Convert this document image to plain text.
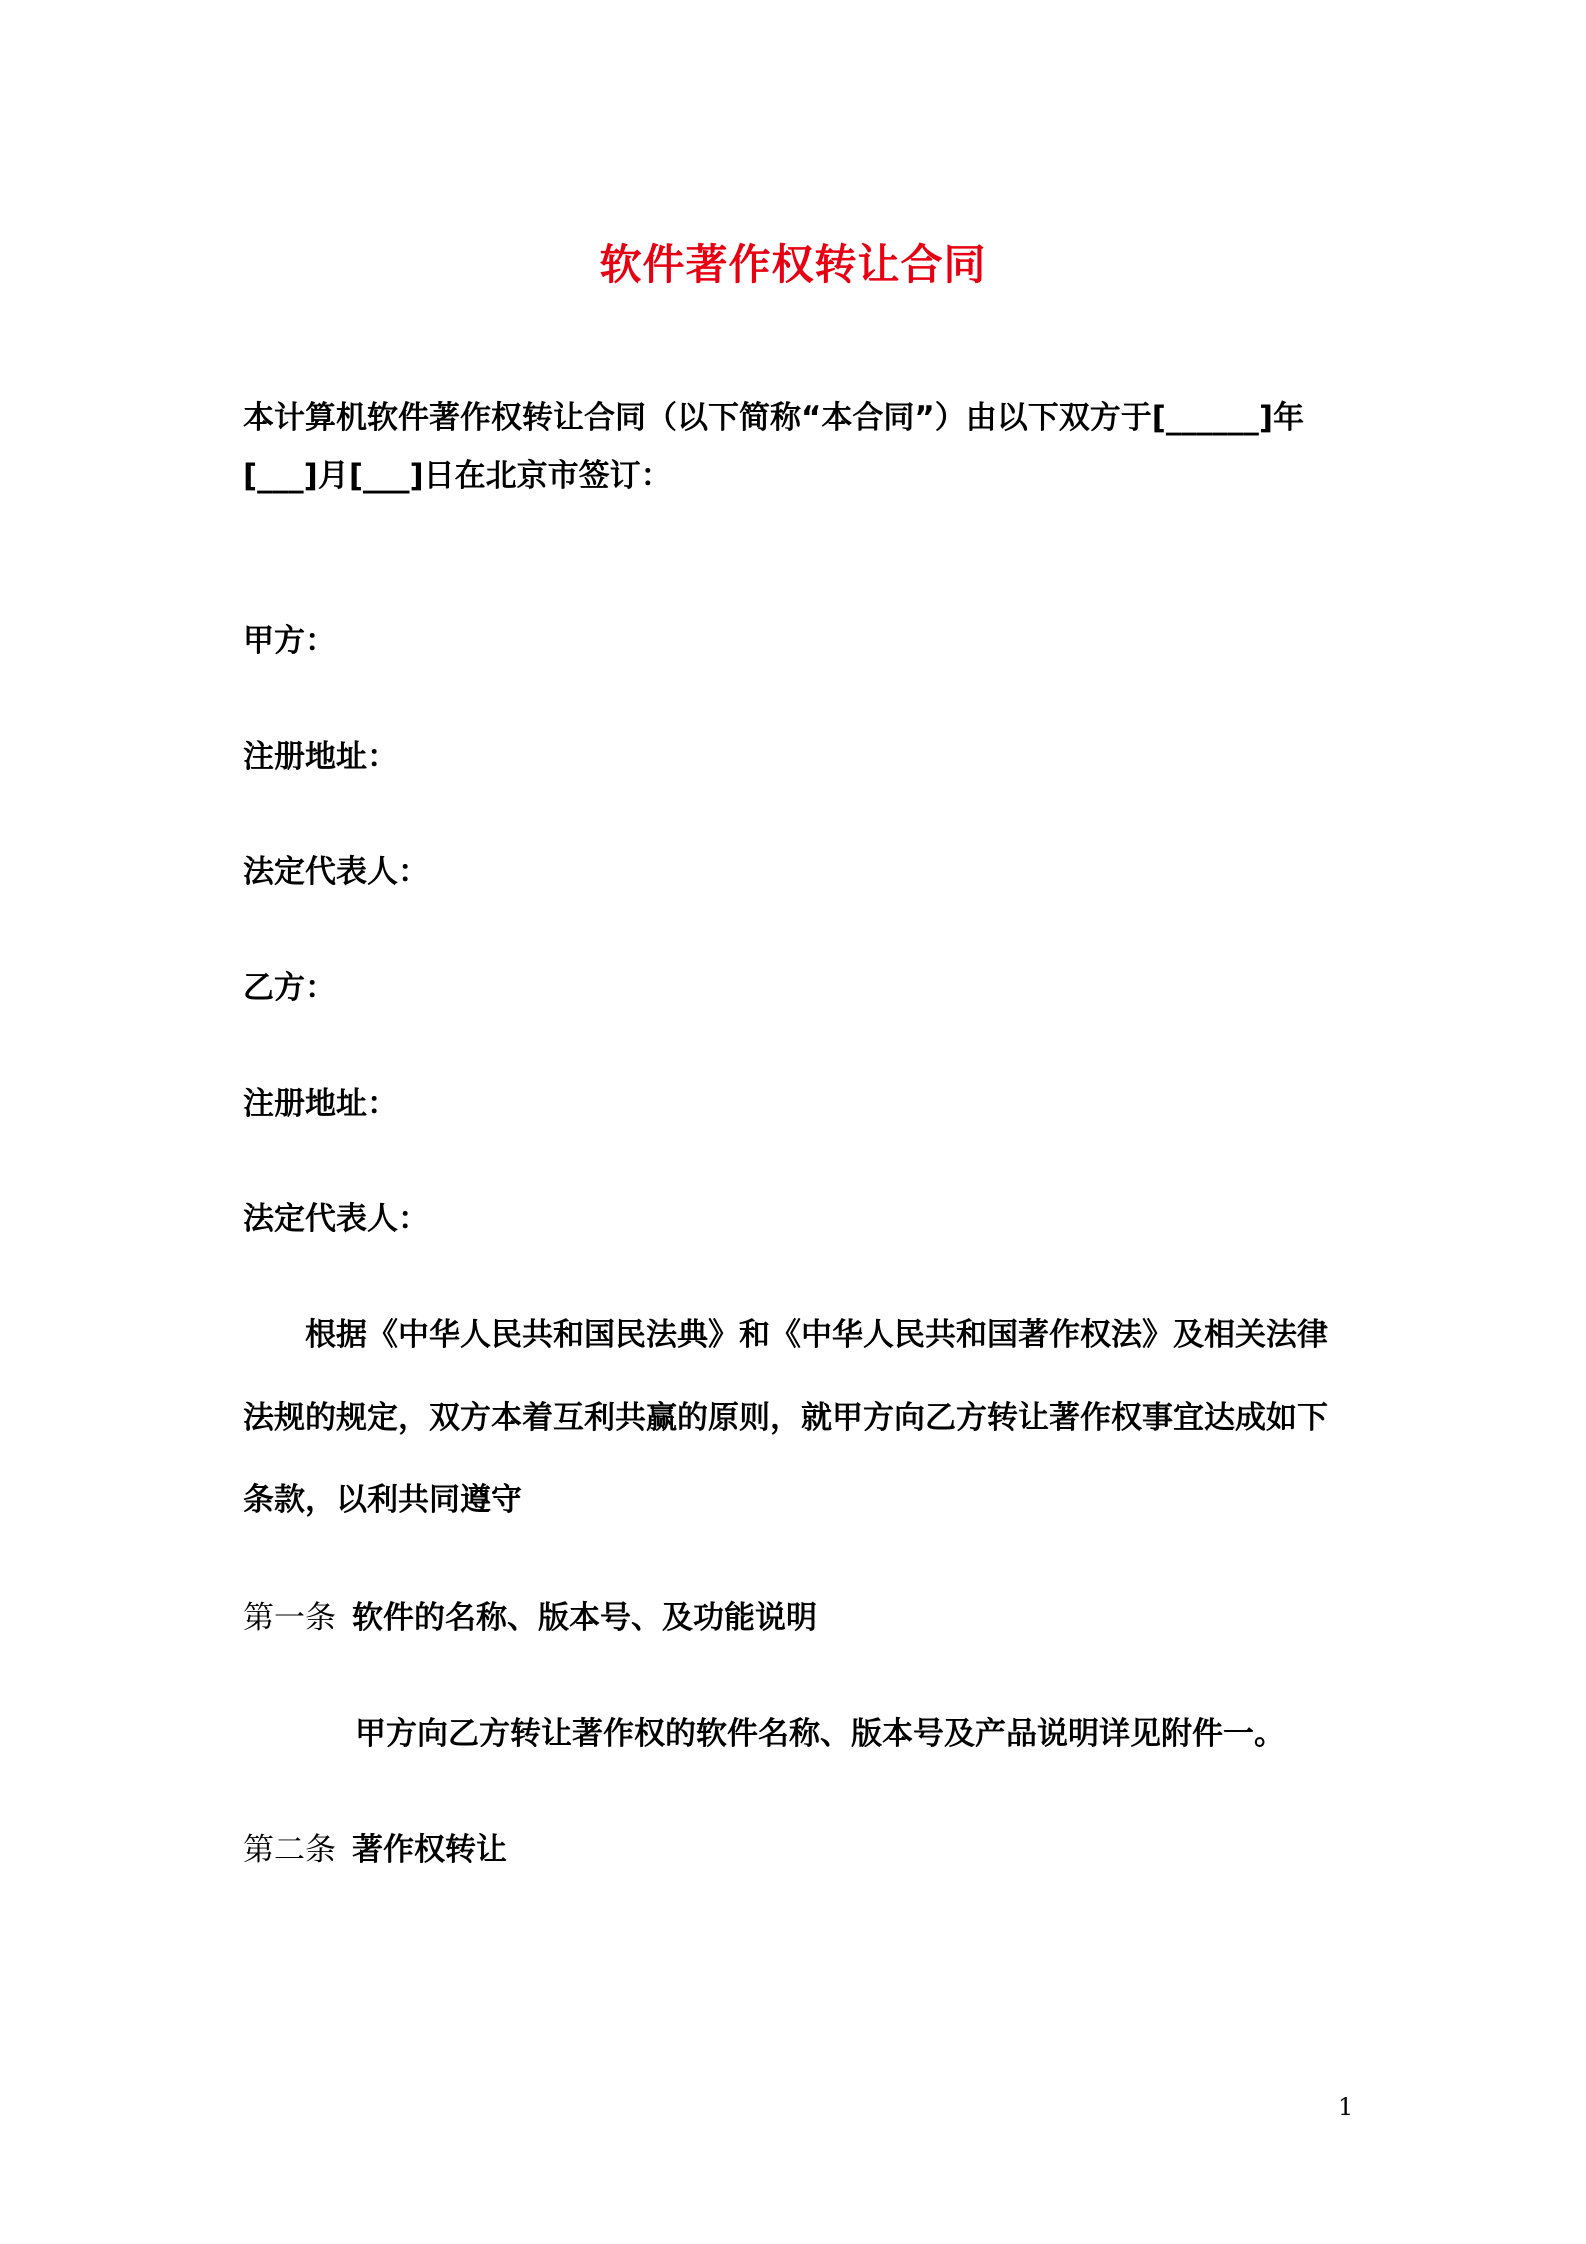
软件著作权转让合同
本计算机软件著作权转让合同（以下简称“本合同”）由以下双方于[______]年
[___]月[___]日在北京市签订：
甲方：
注册地址：
法定代表人：
乙方：
注册地址：
法定代表人：
根据《中华人民共和国民法典》和《中华人民共和国著作权法》及相关法律
法规的规定，双方本着互利共赢的原则，就甲方向乙方转让著作权事宜达成如下
条款，以利共同遵守
第一条 软件的名称、版本号、及功能说明
甲方向乙方转让著作权的软件名称、版本号及产品说明详见附件一。
第二条 著作权转让
1
